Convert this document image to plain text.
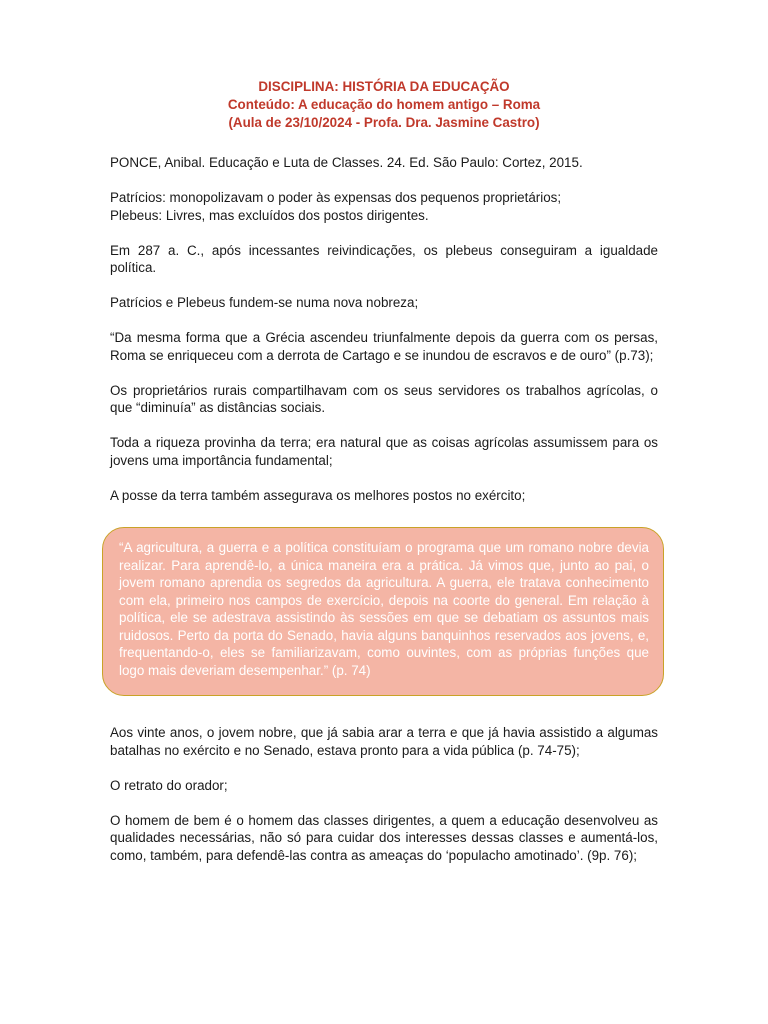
DISCIPLINA: HISTÓRIA DA EDUCAÇÃO
Conteúdo: A educação do homem antigo – Roma
(Aula de 23/10/2024 - Profa. Dra. Jasmine Castro)

PONCE, Anibal. Educação e Luta de Classes. 24. Ed. São Paulo: Cortez, 2015.

Patrícios: monopolizavam o poder às expensas dos pequenos proprietários;
Plebeus: Livres, mas excluídos dos postos dirigentes.

Em 287 a. C., após incessantes reivindicações, os plebeus conseguiram a igualdade política.

Patrícios e Plebeus fundem-se numa nova nobreza;

“Da mesma forma que a Grécia ascendeu triunfalmente depois da guerra com os persas, Roma se enriqueceu com a derrota de Cartago e se inundou de escravos e de ouro” (p.73);

Os proprietários rurais compartilhavam com os seus servidores os trabalhos agrícolas, o que “diminuía” as distâncias sociais.

Toda a riqueza provinha da terra; era natural que as coisas agrícolas assumissem para os jovens uma importância fundamental;

A posse da terra também assegurava os melhores postos no exército;

“A agricultura, a guerra e a política constituíam o programa que um romano nobre devia realizar. Para aprendê-lo, a única maneira era a prática. Já vimos que, junto ao pai, o jovem romano aprendia os segredos da agricultura. A guerra, ele tratava conhecimento com ela, primeiro nos campos de exercício, depois na coorte do general. Em relação à política, ele se adestrava assistindo às sessões em que se debatiam os assuntos mais ruidosos. Perto da porta do Senado, havia alguns banquinhos reservados aos jovens, e, frequentando-o, eles se familiarizavam, como ouvintes, com as próprias funções que logo mais deveriam desempenhar.” (p. 74)

Aos vinte anos, o jovem nobre, que já sabia arar a terra e que já havia assistido a algumas batalhas no exército e no Senado, estava pronto para a vida pública (p. 74-75);

O retrato do orador;

O homem de bem é o homem das classes dirigentes, a quem a educação desenvolveu as qualidades necessárias, não só para cuidar dos interesses dessas classes e aumentá-los, como, também, para defendê-las contra as ameaças do ‘populacho amotinado’. (9p. 76);
